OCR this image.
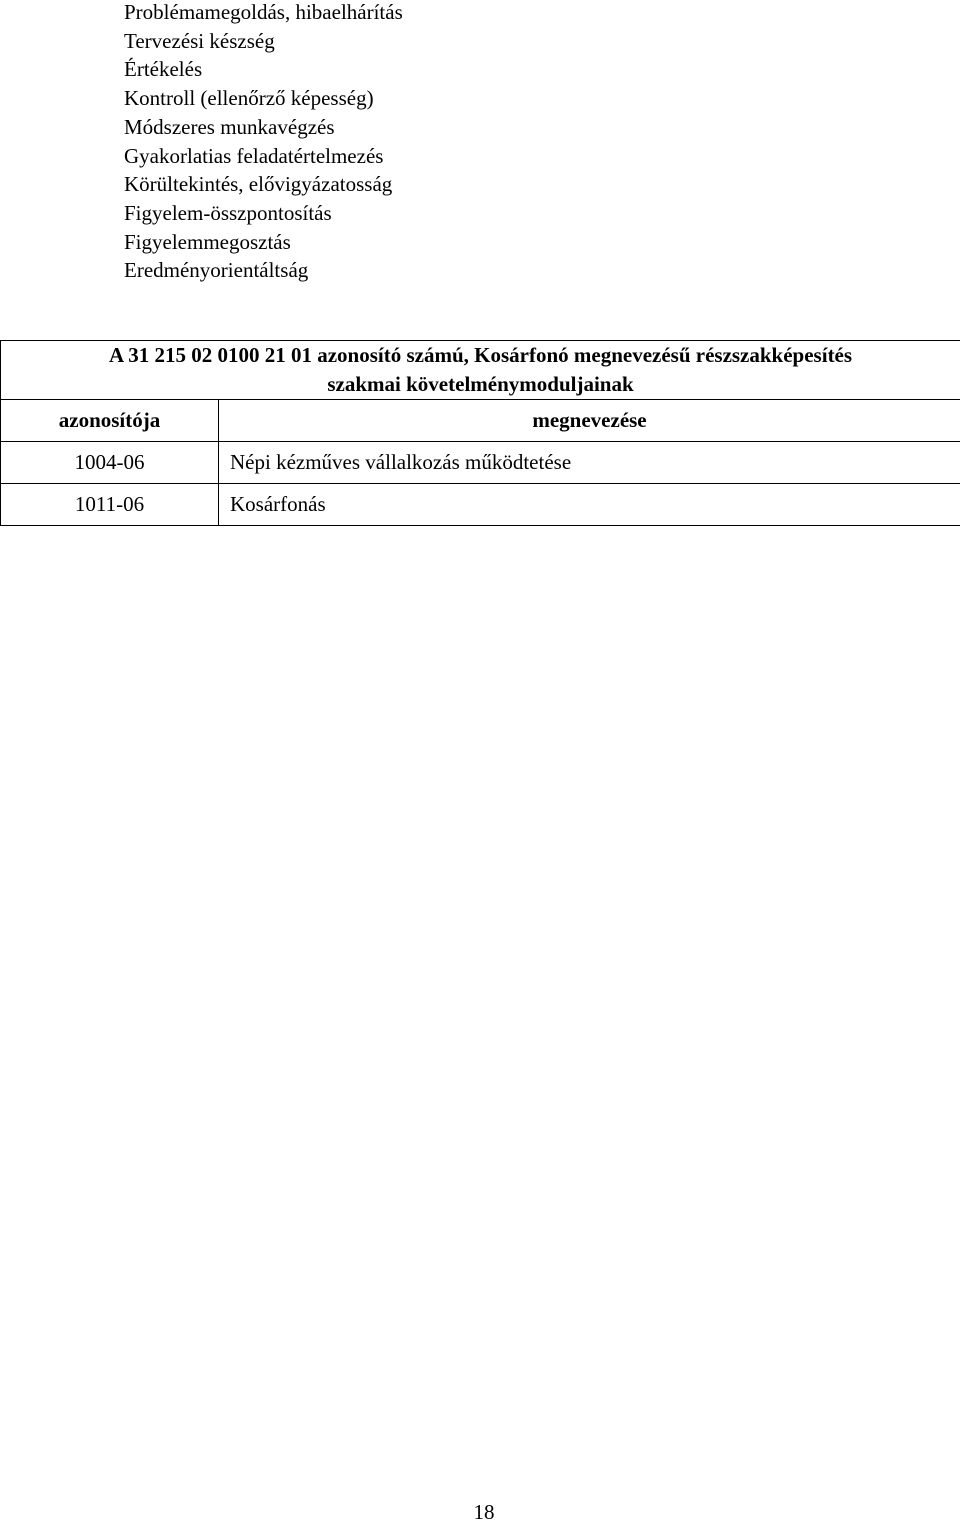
Problémamegoldás, hibaelhárítás
Tervezési készség
Értékelés
Kontroll (ellenőrző képesség)
Módszeres munkavégzés
Gyakorlatias feladatértelmezés
Körültekintés, elővigyázatosság
Figyelem-összpontosítás
Figyelemmegosztás
Eredményorientáltság
A 31 215 02 0100 21 01 azonosító számú, Kosárfonó megnevezésű részszakképesítés
szakmai követelménymoduljainak	
azonosítója	megnevezése
1004-06	Népi kézműves vállalkozás működtetése
1011-06	Kosárfonás
18
